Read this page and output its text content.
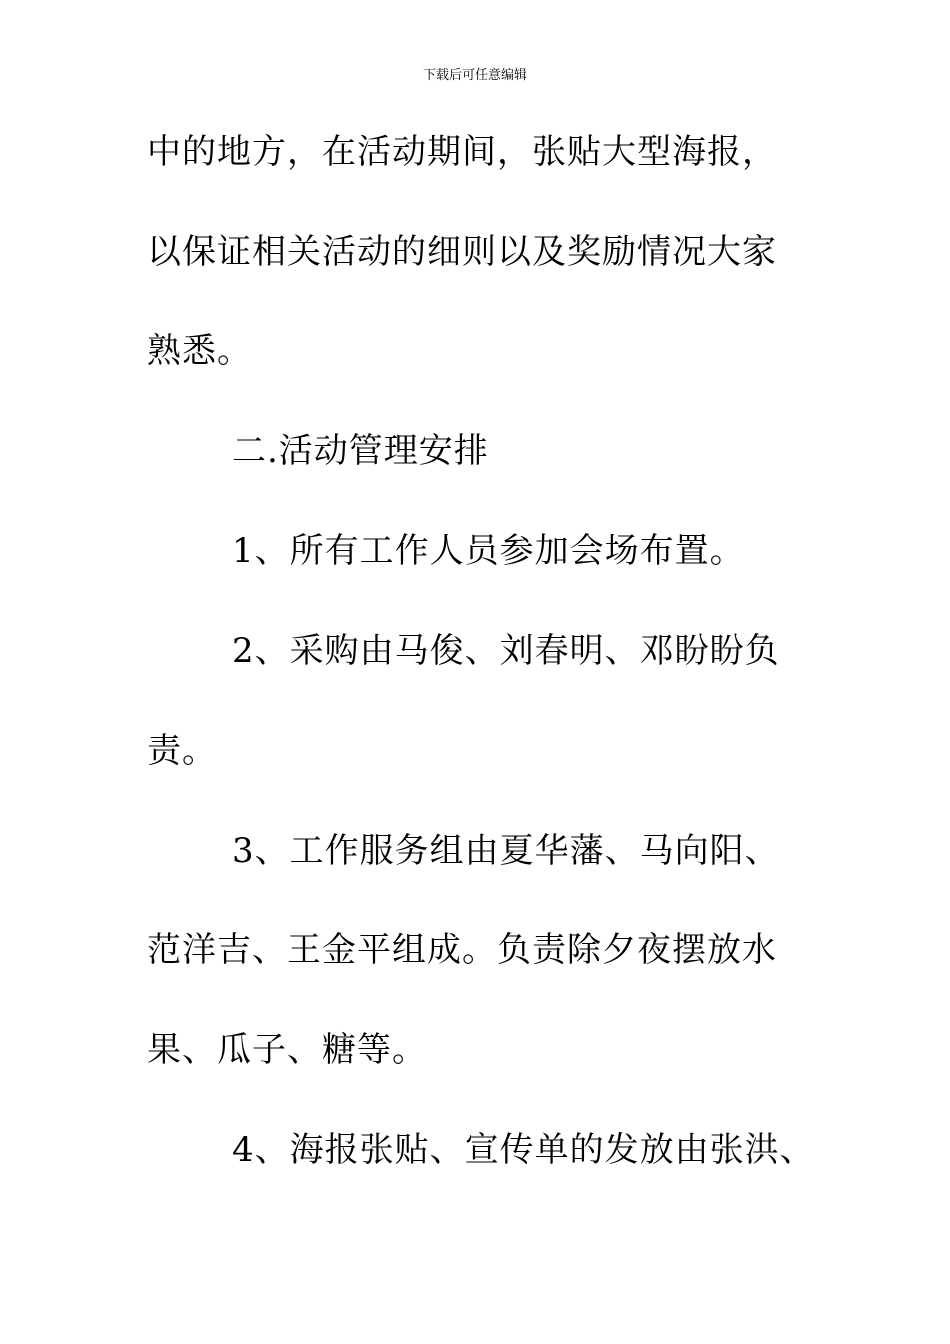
下载后可任意编辑
中的地方，在活动期间，张贴大型海报，
以保证相关活动的细则以及奖励情况大家
熟悉。
二.活动管理安排
1、所有工作人员参加会场布置。
2、采购由马俊、刘春明、邓盼盼负
责。
3、工作服务组由夏华藩、马向阳、
范洋吉、王金平组成。负责除夕夜摆放水
果、瓜子、糖等。
4、海报张贴、宣传单的发放由张洪、
